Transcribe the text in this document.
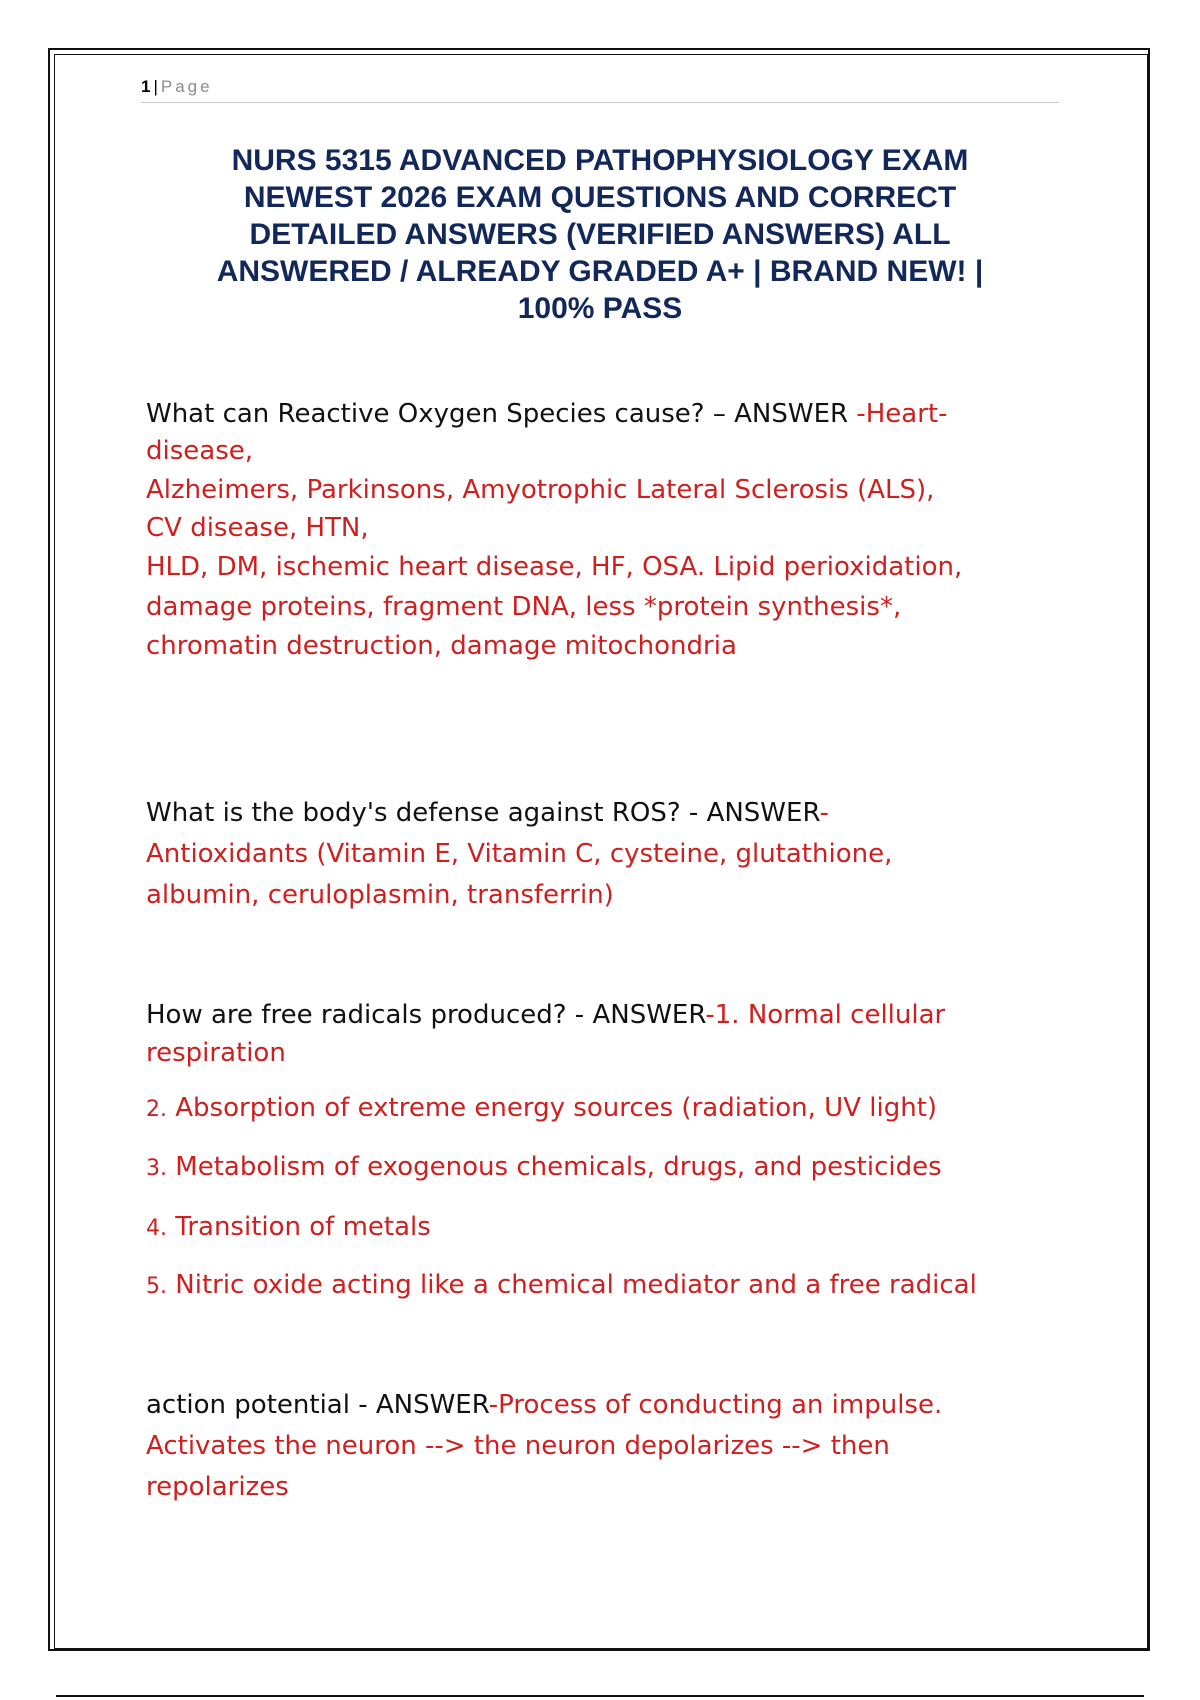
1 | Page
NURS 5315 ADVANCED PATHOPHYSIOLOGY EXAM
NEWEST 2026 EXAM QUESTIONS AND CORRECT
DETAILED ANSWERS (VERIFIED ANSWERS) ALL
ANSWERED / ALREADY GRADED A+ | BRAND NEW! |
100% PASS
What can Reactive Oxygen Species cause? – ANSWER -Heart-
disease,
Alzheimers, Parkinsons, Amyotrophic Lateral Sclerosis (ALS),
CV disease, HTN,
HLD, DM, ischemic heart disease, HF, OSA. Lipid perioxidation,
damage proteins, fragment DNA, less *protein synthesis*,
chromatin destruction, damage mitochondria
What is the body's defense against ROS? - ANSWER-
Antioxidants (Vitamin E, Vitamin C, cysteine, glutathione,
albumin, ceruloplasmin, transferrin)
How are free radicals produced? - ANSWER-1. Normal cellular
respiration
2. Absorption of extreme energy sources (radiation, UV light)
3. Metabolism of exogenous chemicals, drugs, and pesticides
4. Transition of metals
5. Nitric oxide acting like a chemical mediator and a free radical
action potential - ANSWER-Process of conducting an impulse.
Activates the neuron --> the neuron depolarizes --> then
repolarizes
